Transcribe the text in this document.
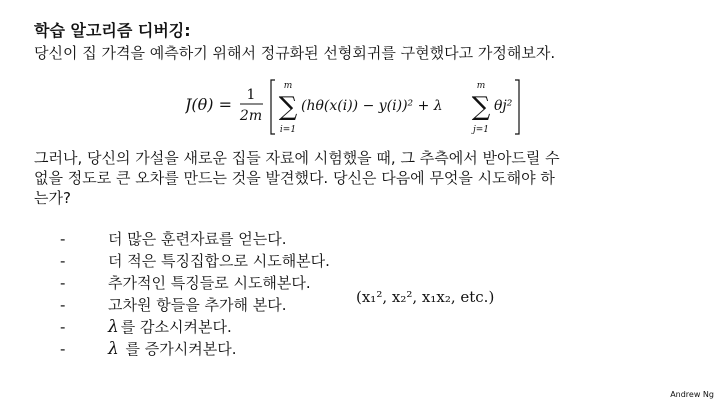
학습 알고리즘 디버깅:
당신이 집 가격을 예측하기 위해서 정규화된 선형회귀를 구현했다고 가정해보자.
J(θ) = 1
2m
m
∑
i=1
(hθ(x(i)) − y(i))² + λ
m
∑
j=1
θj²
그러나, 당신의 가설을 새로운 집들 자료에 시험했을 때, 그 추측에서 받아드릴 수
없을 정도로 큰 오차를 만드는 것을 발견했다. 당신은 다음에 무엇을 시도해야 하
는가?
-	더 많은 훈련자료를 얻는다.
-	더 적은 특징집합으로 시도해본다.
-	추가적인 특징들로 시도해본다.
-	고차원 항들을 추가해 본다.
-	λ 를 감소시켜본다.
-	λ 를 증가시켜본다.
(x₁², x₂², x₁x₂, etc.)
Andrew Ng
